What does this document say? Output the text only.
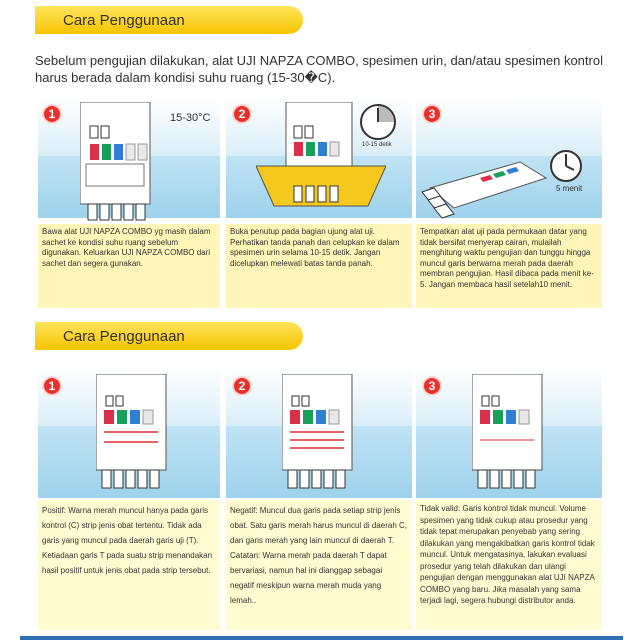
Cara Penggunaan
Sebelum pengujian dilakukan, alat UJI NAPZA COMBO, spesimen urin, dan/atau spesimen kontrol harus berada dalam kondisi suhu ruang (15-30�C).
1	15-30°C
Bawa alat UJI NAPZA COMBO yg masih dalam sachet ke kondisi suhu ruang sebelum digunakan. Keluarkan UJI NAPZA COMBO dari sachet dan segera gunakan.
2
10-15 detik
Buka penutup pada bagian ujung alat uji. Perhatikan tanda panah dan celupkan ke dalam spesimen urin selama 10-15 detik. Jangan dicelupkan melewati batas tanda panah.
3
5 menit
Tempatkan alat uji pada permukaan datar yang tidak bersifat menyerap cairan, mulailah menghitung waktu pengujian dan tunggu hingga muncul garis berwarna merah pada daerah membran pengujian. Hasil dibaca pada menit ke-5. Jangan membaca hasil setelah10 menit.
Cara Penggunaan
1
Positif: Warna merah muncul hanya pada garis kontrol (C) strip jenis obat tertentu. Tidak ada garis yang muncul pada daerah garis uji (T). Ketiadaan garis T pada suatu strip menandakan hasil positif untuk jenis obat pada strip tersebut.
2
Negatif: Muncul dua garis pada setiap strip jenis obat. Satu garis merah harus muncul di daerah C, dan garis merah yang lain muncul di daerah T. Catatan: Warna merah pada daerah T dapat bervariasi, namun hal ini dianggap sebagai negatif meskipun warna merah muda yang lemah..
3
Tidak valid: Garis kontrol tidak muncul. Volume spesimen yang tidak cukup atau prosedur yang tidak tepat merupakan penyebab yang sering dilakukan yang mengakibatkan garis kontrol tidak muncul. Untuk mengatasinya, lakukan evaluasi prosedur yang telah dilakukan dan ulangi pengujian dengan menggunakan alat UJI NAPZA COMBO yang baru. Jika masalah yang sama terjadi lagi, segera hubungi distributor anda.
